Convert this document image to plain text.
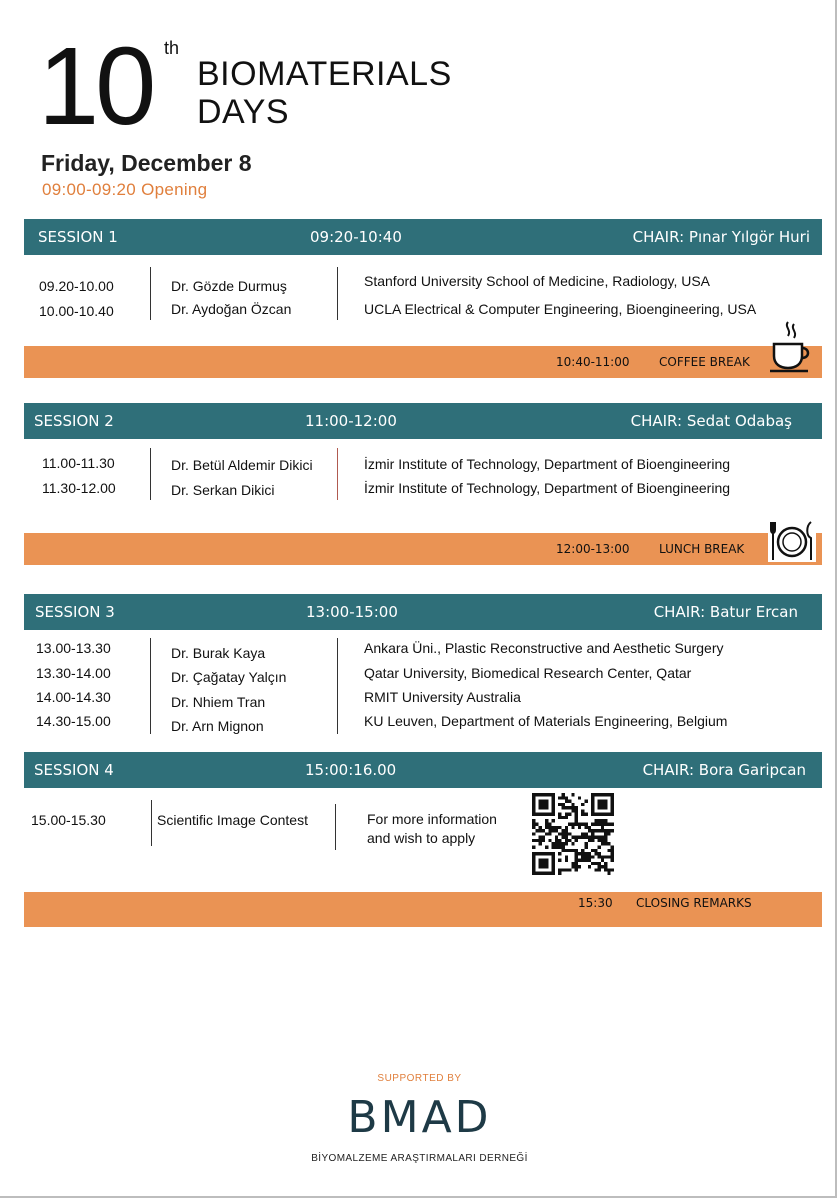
10 th
BIOMATERIALS
DAYS
Friday, December 8
09:00-09:20 Opening
SESSION 1	09:20-10:40	CHAIR: Pınar Yılgör Huri
09.20-10.00	Dr. Gözde Durmuş	Stanford University School of Medicine, Radiology, USA
10.00-10.40	Dr. Aydoğan Özcan	UCLA Electrical & Computer Engineering, Bioengineering, USA
10:40-11:00 COFFEE BREAK
SESSION 2	11:00-12:00	CHAIR: Sedat Odabaş
11.00-11.30	Dr. Betül Aldemir Dikici	İzmir Institute of Technology, Department of Bioengineering
11.30-12.00	Dr. Serkan Dikici	İzmir Institute of Technology, Department of Bioengineering
12:00-13:00 LUNCH BREAK
SESSION 3	13:00-15:00	CHAIR: Batur Ercan
13.00-13.30	Dr. Burak Kaya	Ankara Üni., Plastic Reconstructive and Aesthetic Surgery
13.30-14.00	Dr. Çağatay Yalçın	Qatar University, Biomedical Research Center, Qatar
14.00-14.30	Dr. Nhiem Tran	RMIT University Australia
14.30-15.00	Dr. Arn Mignon	KU Leuven, Department of Materials Engineering, Belgium
SESSION 4	15:00:16.00	CHAIR: Bora Garipcan
15.00-15.30	Scientific Image Contest	For more information
and wish to apply
15:30 CLOSING REMARKS
SUPPORTED BY
BMAD
BİYOMALZEME ARAŞTIRMALARI DERNEĞİ
